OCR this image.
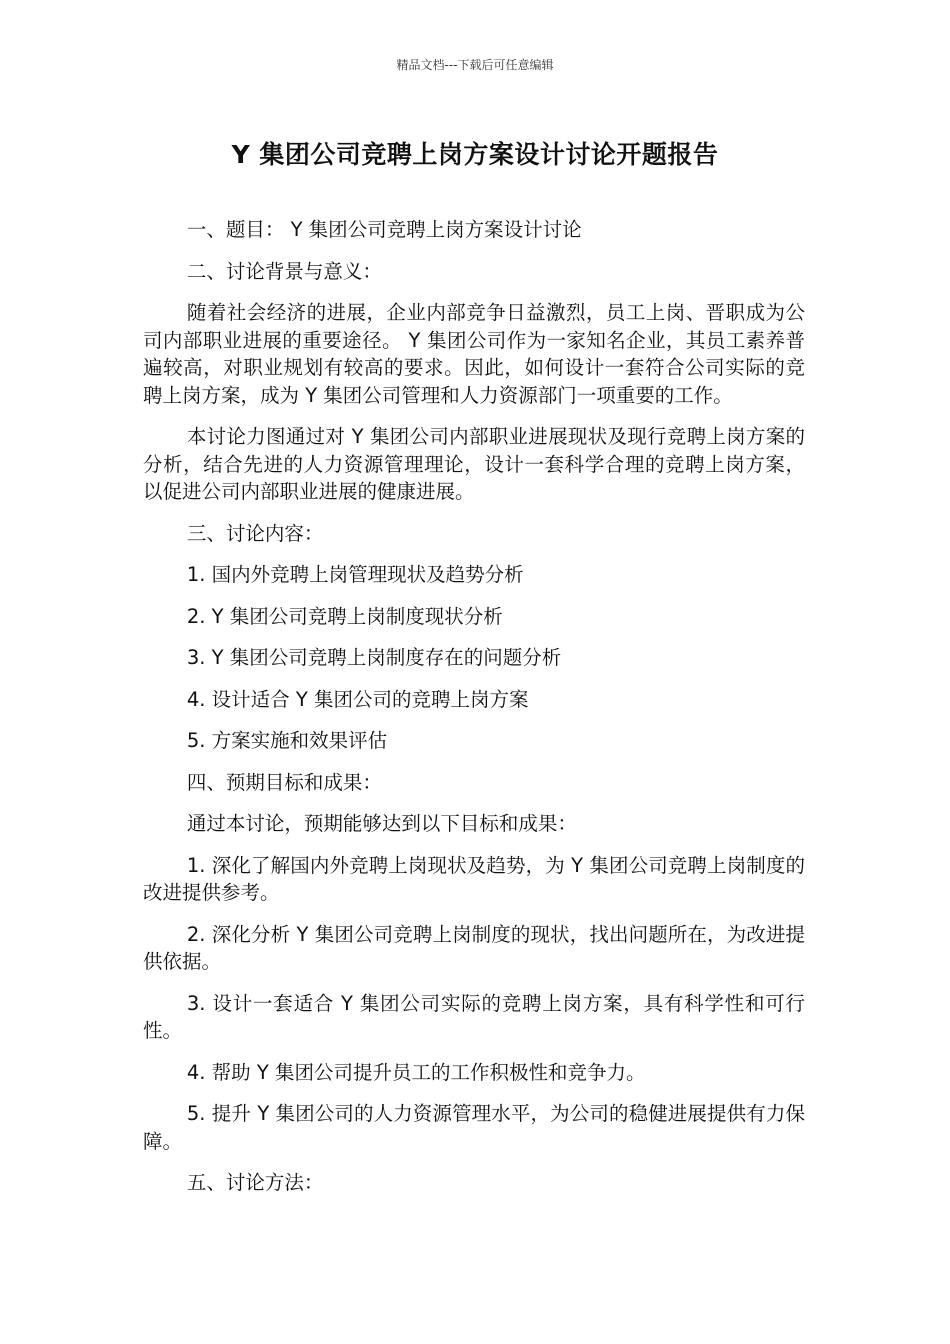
精品文档---下载后可任意编辑
Y 集团公司竞聘上岗方案设计讨论开题报告

一、题目： Y 集团公司竞聘上岗方案设计讨论

二、讨论背景与意义：

随着社会经济的进展，企业内部竞争日益激烈，员工上岗、晋职成为公司内部职业进展的重要途径。 Y 集团公司作为一家知名企业，其员工素养普遍较高，对职业规划有较高的要求。因此，如何设计一套符合公司实际的竞聘上岗方案，成为 Y 集团公司管理和人力资源部门一项重要的工作。

本讨论力图通过对 Y 集团公司内部职业进展现状及现行竞聘上岗方案的分析，结合先进的人力资源管理理论，设计一套科学合理的竞聘上岗方案，以促进公司内部职业进展的健康进展。

三、讨论内容：

1. 国内外竞聘上岗管理现状及趋势分析

2. Y 集团公司竞聘上岗制度现状分析

3. Y 集团公司竞聘上岗制度存在的问题分析

4. 设计适合 Y 集团公司的竞聘上岗方案

5. 方案实施和效果评估

四、预期目标和成果：

通过本讨论，预期能够达到以下目标和成果：

1. 深化了解国内外竞聘上岗现状及趋势，为 Y 集团公司竞聘上岗制度的改进提供参考。

2. 深化分析 Y 集团公司竞聘上岗制度的现状，找出问题所在，为改进提供依据。

3. 设计一套适合 Y 集团公司实际的竞聘上岗方案，具有科学性和可行性。

4. 帮助 Y 集团公司提升员工的工作积极性和竞争力。

5. 提升 Y 集团公司的人力资源管理水平，为公司的稳健进展提供有力保障。

五、讨论方法：
